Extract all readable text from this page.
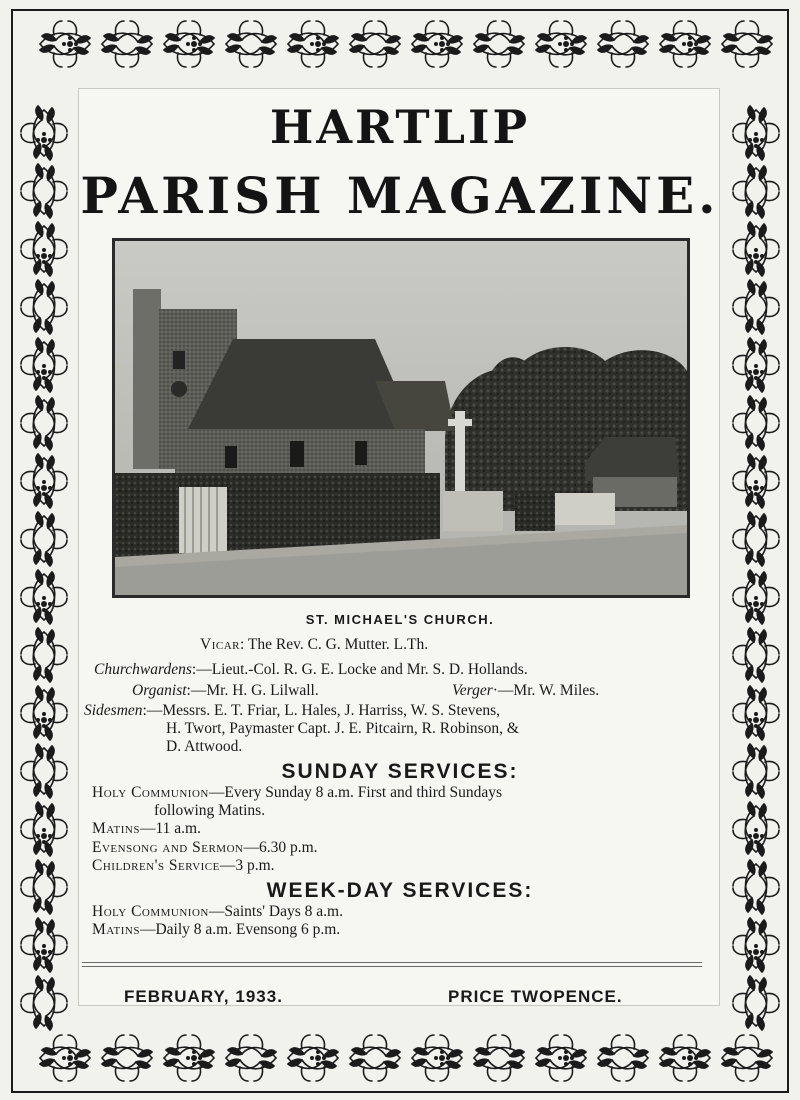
HARTLIP
PARISH MAGAZINE.
ST. MICHAEL'S CHURCH.
Vicar: The Rev. C. G. Mutter. L.Th.
Churchwardens:—Lieut.-Col. R. G. E. Locke and Mr. S. D. Hollands.
Organist:—Mr. H. G. Lilwall.	Verger·—Mr. W. Miles.
Sidesmen:—Messrs. E. T. Friar, L. Hales, J. Harriss, W. S. Stevens,
H. Twort, Paymaster Capt. J. E. Pitcairn, R. Robinson, &
D. Attwood.
SUNDAY SERVICES:
Holy Communion—Every Sunday 8 a.m. First and third Sundays
following Matins.
Matins—11 a.m.
Evensong and Sermon—6.30 p.m.
Children's Service—3 p.m.
WEEK-DAY SERVICES:
Holy Communion—Saints' Days 8 a.m.
Matins—Daily 8 a.m. Evensong 6 p.m.
FEBRUARY, 1933.	PRICE TWOPENCE.
